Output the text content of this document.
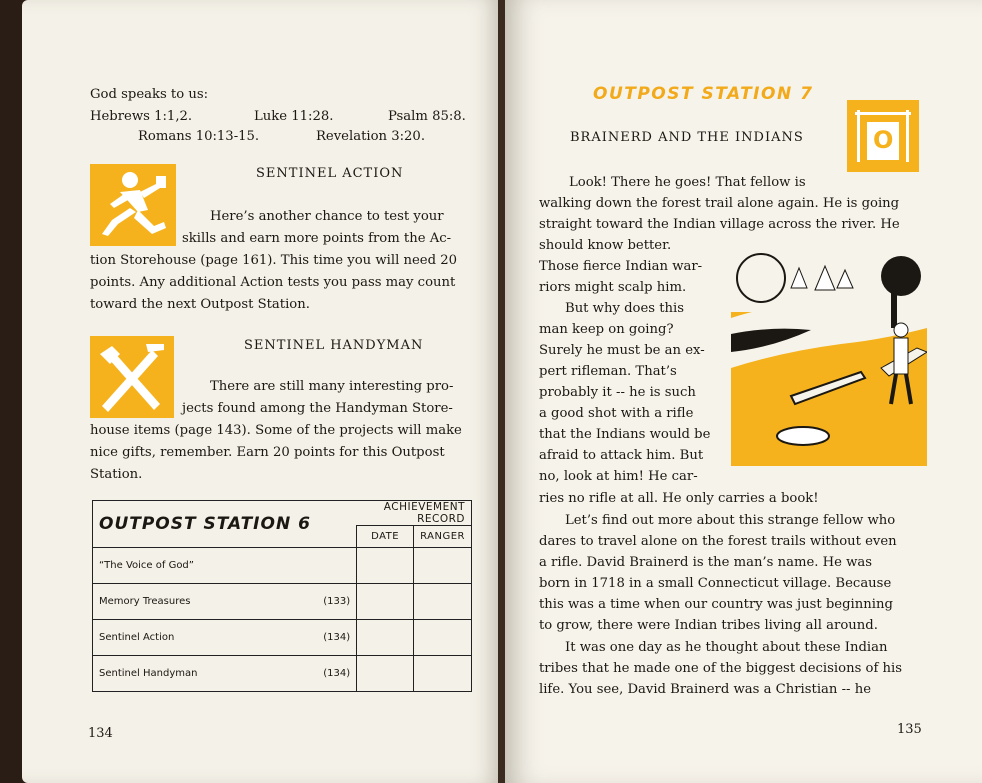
God speaks to us:

Hebrews 1:1,2.	Luke 11:28.	Psalm 85:8.

Romans 10:13-15.	Revelation 3:20.

SENTINEL ACTION

Here’s another chance to test your

skills and earn more points from the Ac-

tion Storehouse (page 161). This time you will need 20

points. Any additional Action tests you pass may count

toward the next Outpost Station.

SENTINEL HANDYMAN

There are still many interesting pro-

jects found among the Handyman Store-

house items (page 143). Some of the projects will make

nice gifts, remember. Earn 20 points for this Outpost

Station.

OUTPOST STATION 6	ACHIEVEMENT RECORD	
	DATE	RANGER
“The Voice of God”

Memory Treasures (133)		

Sentinel Action (134)		

Sentinel Handyman (134)		

134

OUTPOST STATION 7

O

BRAINERD AND THE INDIANS

Look! There he goes! That fellow is

walking down the forest trail alone again. He is going

straight toward the Indian village across the river. He

should know better.

Those fierce Indian war-

riors might scalp him.

But why does this

man keep on going?

Surely he must be an ex-

pert rifleman. That’s

probably it -- he is such

a good shot with a rifle

that the Indians would be

afraid to attack him. But

no, look at him! He car-

ries no rifle at all. He only carries a book!

Let’s find out more about this strange fellow who

dares to travel alone on the forest trails without even

a rifle. David Brainerd is the man’s name. He was

born in 1718 in a small Connecticut village. Because

this was a time when our country was just beginning

to grow, there were Indian tribes living all around.

It was one day as he thought about these Indian

tribes that he made one of the biggest decisions of his

life. You see, David Brainerd was a Christian -- he

135
